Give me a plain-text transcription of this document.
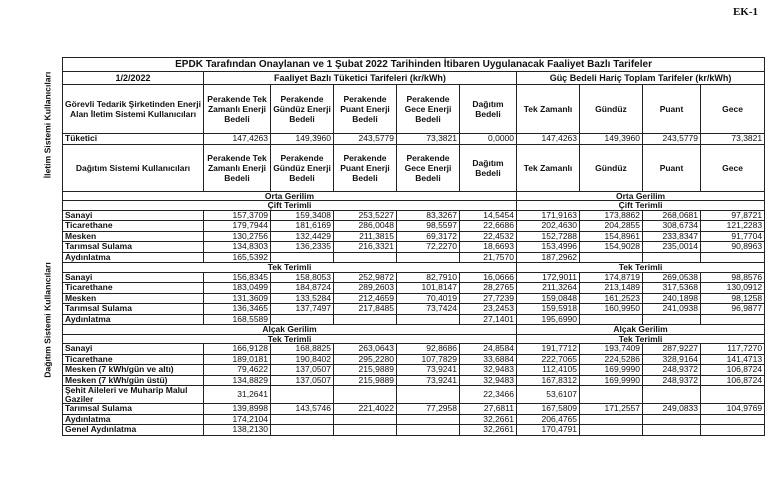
EK-1
İletim Sistemi Kullanıcıları
Dağıtım Sistemi Kullanıcıları
EPDK Tarafından Onaylanan ve 1 Şubat 2022 Tarihinden İtibaren Uygulanacak Faaliyet Bazlı Tarifeler									
1/2/2022	Faaliyet Bazlı Tüketici Tarifeleri (kr/kWh)					Güç Bedeli Hariç Toplam Tarifeler (kr/kWh)			
Görevli Tedarik Şirketinden Enerji Alan İletim Sistemi Kullanıcıları	Perakende Tek Zamanlı Enerji Bedeli	Perakende Gündüz Enerji Bedeli	Perakende Puant Enerji Bedeli	Perakende Gece Enerji Bedeli	Dağıtım Bedeli	Tek Zamanlı	Gündüz	Puant	Gece
Tüketici	147,4263	149,3960	243,5779	73,3821	0,0000	147,4263	149,3960	243,5779	73,3821
Dağıtım Sistemi Kullanıcıları	Perakende Tek Zamanlı Enerji Bedeli	Perakende Gündüz Enerji Bedeli	Perakende Puant Enerji Bedeli	Perakende Gece Enerji Bedeli	Dağıtım Bedeli	Tek Zamanlı	Gündüz	Puant	Gece
Orta Gerilim						Orta Gerilim			
Çift Terimli						Çift Terimli			
Sanayi	157,3709	159,3408	253,5227	83,3267	14,5454	171,9163	173,8862	268,0681	97,8721
Ticarethane	179,7944	181,6169	286,0048	98,5597	22,6686	202,4630	204,2855	308,6734	121,2283
Mesken	130,2756	132,4429	211,3815	69,3172	22,4532	152,7288	154,8961	233,8347	91,7704
Tarımsal Sulama	134,8303	136,2335	216,3321	72,2270	18,6693	153,4996	154,9028	235,0014	90,8963
Aydınlatma	165,5392				21,7570	187,2962			
Tek Terimli						Tek Terimli			
Sanayi	156,8345	158,8053	252,9872	82,7910	16,0666	172,9011	174,8719	269,0538	98,8576
Ticarethane	183,0499	184,8724	289,2603	101,8147	28,2765	211,3264	213,1489	317,5368	130,0912
Mesken	131,3609	133,5284	212,4659	70,4019	27,7239	159,0848	161,2523	240,1898	98,1258
Tarımsal Sulama	136,3465	137,7497	217,8485	73,7424	23,2453	159,5918	160,9950	241,0938	96,9877
Aydınlatma	168,5589				27,1401	195,6990			
Alçak Gerilim						Alçak Gerilim			
Tek Terimli						Tek Terimli			
Sanayi	166,9128	168,8825	263,0643	92,8686	24,8584	191,7712	193,7409	287,9227	117,7270
Ticarethane	189,0181	190,8402	295,2280	107,7829	33,6884	222,7065	224,5286	328,9164	141,4713
Mesken (7 kWh/gün ve altı)	79,4622	137,0507	215,9889	73,9241	32,9483	112,4105	169,9990	248,9372	106,8724
Mesken (7 kWh/gün üstü)	134,8829	137,0507	215,9889	73,9241	32,9483	167,8312	169,9990	248,9372	106,8724
Şehit Aileleri ve Muharip Malul Gaziler	31,2641				22,3466	53,6107			
Tarımsal Sulama	139,8998	143,5746	221,4022	77,2958	27,6811	167,5809	171,2557	249,0833	104,9769
Aydınlatma	174,2104				32,2661	206,4765			
Genel Aydınlatma	138,2130				32,2661	170,4791			
